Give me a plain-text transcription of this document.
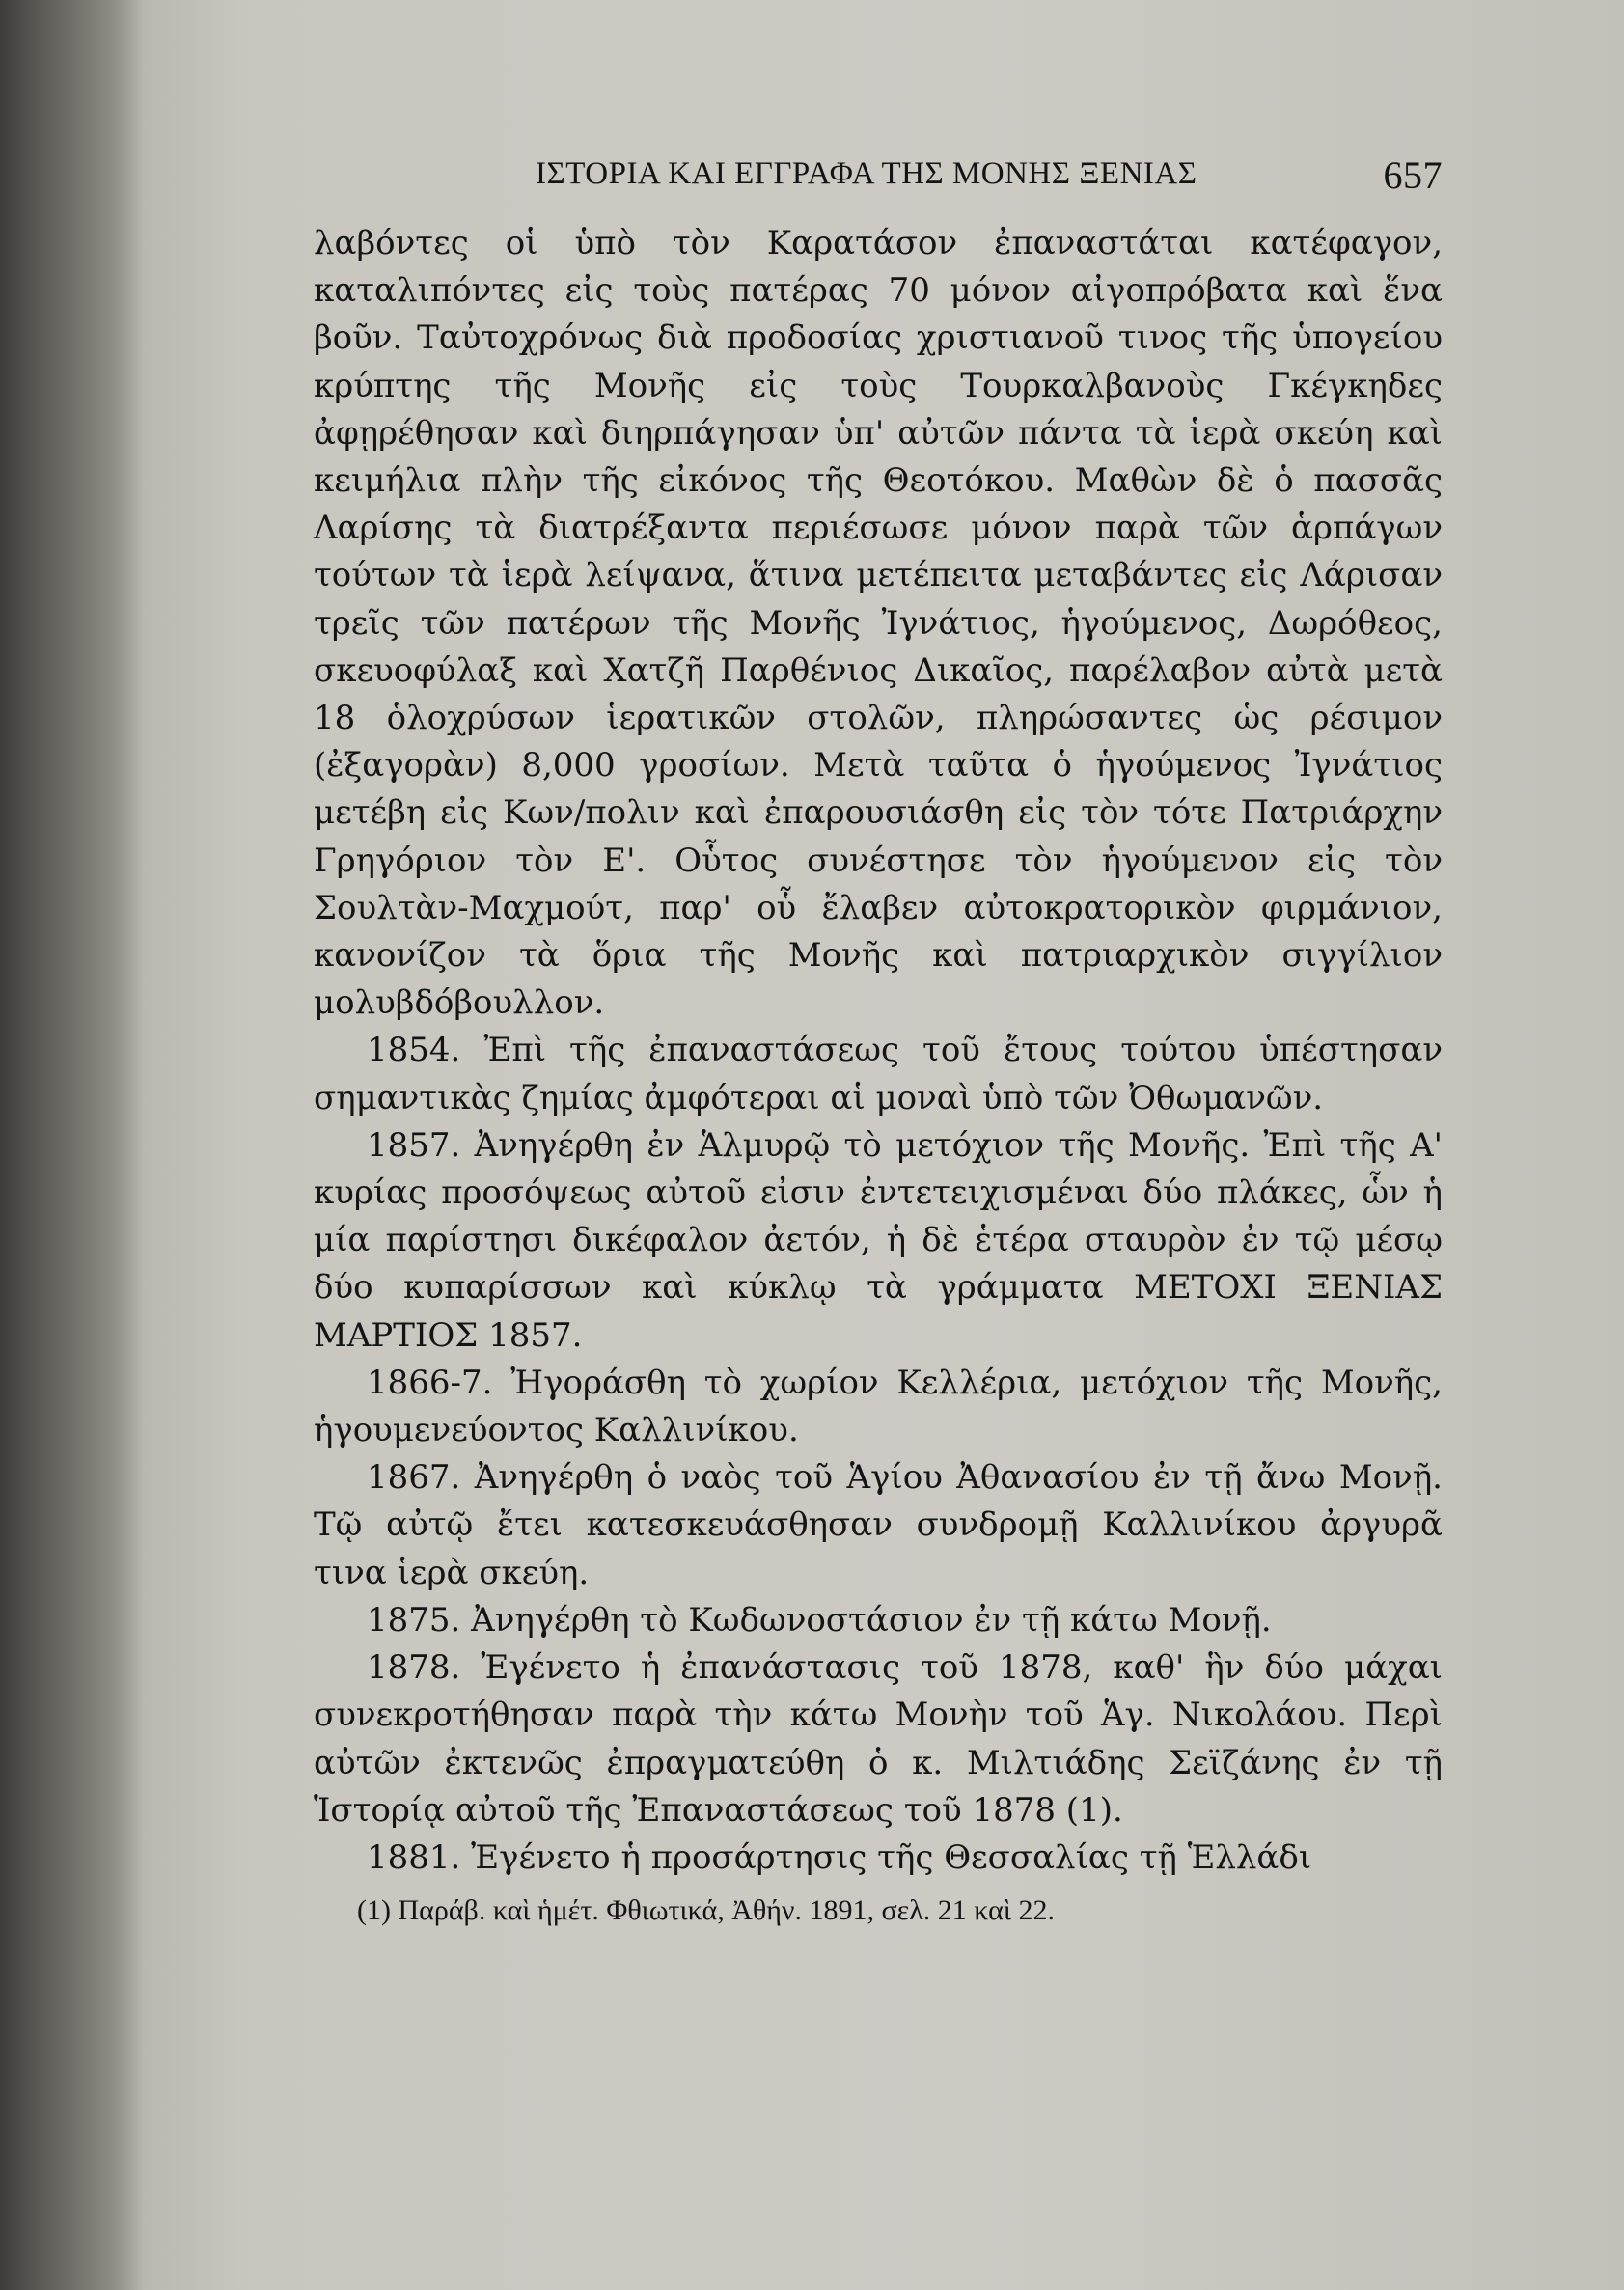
ΙΣΤΟΡΙΑ ΚΑΙ ΕΓΓΡΑΦΑ ΤΗΣ ΜΟΝΗΣ ΞΕΝΙΑΣ	657

λαβόντες οἱ ὑπὸ τὸν Καρατάσον ἐπαναστάται κατέφαγον, καταλιπόντες εἰς τοὺς πατέρας 70 μόνον αἰγοπρόβατα καὶ ἕνα βοῦν. Ταὐτοχρόνως διὰ προδοσίας χριστιανοῦ τινος τῆς ὑπογείου κρύπτης τῆς Μονῆς εἰς τοὺς Τουρκαλβανοὺς Γκέγκηδες ἀφῃρέθησαν καὶ διηρπάγησαν ὑπ' αὐτῶν πάντα τὰ ἱερὰ σκεύη καὶ κειμήλια πλὴν τῆς εἰκόνος τῆς Θεοτόκου. Μαθὼν δὲ ὁ πασσᾶς Λαρίσης τὰ διατρέξαντα περιέσωσε μόνον παρὰ τῶν ἁρπάγων τούτων τὰ ἱερὰ λείψανα, ἅτινα μετέπειτα μεταβάντες εἰς Λάρισαν τρεῖς τῶν πατέρων τῆς Μονῆς Ἰγνάτιος, ἡγούμενος, Δωρόθεος, σκευοφύλαξ καὶ Χατζῆ Παρθένιος Δικαῖος, παρέλαβον αὐτὰ μετὰ 18 ὁλοχρύσων ἱερατικῶν στολῶν, πληρώσαντες ὡς ρέσιμον (ἐξαγορὰν) 8,000 γροσίων. Μετὰ ταῦτα ὁ ἡγούμενος Ἰγνάτιος μετέβη εἰς Κων/πολιν καὶ ἐπαρουσιάσθη εἰς τὸν τότε Πατριάρχην Γρηγόριον τὸν Ε'. Οὗτος συνέστησε τὸν ἡγούμενον εἰς τὸν Σουλτὰν-Μαχμούτ, παρ' οὗ ἔλαβεν αὐτοκρατορικὸν φιρμάνιον, κανονίζον τὰ ὅρια τῆς Μονῆς καὶ πατριαρχικὸν σιγγίλιον μολυβδόβουλλον.

1854. Ἐπὶ τῆς ἐπαναστάσεως τοῦ ἔτους τούτου ὑπέστησαν σημαντικὰς ζημίας ἀμφότεραι αἱ μοναὶ ὑπὸ τῶν Ὀθωμανῶν.

1857. Ἀνηγέρθη ἐν Ἁλμυρῷ τὸ μετόχιον τῆς Μονῆς. Ἐπὶ τῆς Α' κυρίας προσόψεως αὐτοῦ εἰσιν ἐντετειχισμέναι δύο πλάκες, ὧν ἡ μία παρίστησι δικέφαλον ἀετόν, ἡ δὲ ἑτέρα σταυρὸν ἐν τῷ μέσῳ δύο κυπαρίσσων καὶ κύκλῳ τὰ γράμματα ΜΕΤΟΧΙ ΞΕΝΙΑΣ ΜΑΡΤΙΟΣ 1857.

1866-7. Ἠγοράσθη τὸ χωρίον Κελλέρια, μετόχιον τῆς Μονῆς, ἡγουμενεύοντος Καλλινίκου.

1867. Ἀνηγέρθη ὁ ναὸς τοῦ Ἁγίου Ἀθανασίου ἐν τῇ ἄνω Μονῇ. Τῷ αὐτῷ ἔτει κατεσκευάσθησαν συνδρομῇ Καλλινίκου ἀργυρᾶ τινα ἱερὰ σκεύη.

1875. Ἀνηγέρθη τὸ Κωδωνοστάσιον ἐν τῇ κάτω Μονῇ.

1878. Ἐγένετο ἡ ἐπανάστασις τοῦ 1878, καθ' ἣν δύο μάχαι συνεκροτήθησαν παρὰ τὴν κάτω Μονὴν τοῦ Ἁγ. Νικολάου. Περὶ αὐτῶν ἐκτενῶς ἐπραγματεύθη ὁ κ. Μιλτιάδης Σεϊζάνης ἐν τῇ Ἱστορίᾳ αὐτοῦ τῆς Ἐπαναστάσεως τοῦ 1878 (1).

1881. Ἐγένετο ἡ προσάρτησις τῆς Θεσσαλίας τῇ Ἑλλάδι

(1) Παράβ. καὶ ἡμέτ. Φθιωτικά, Ἀθήν. 1891, σελ. 21 καὶ 22.
